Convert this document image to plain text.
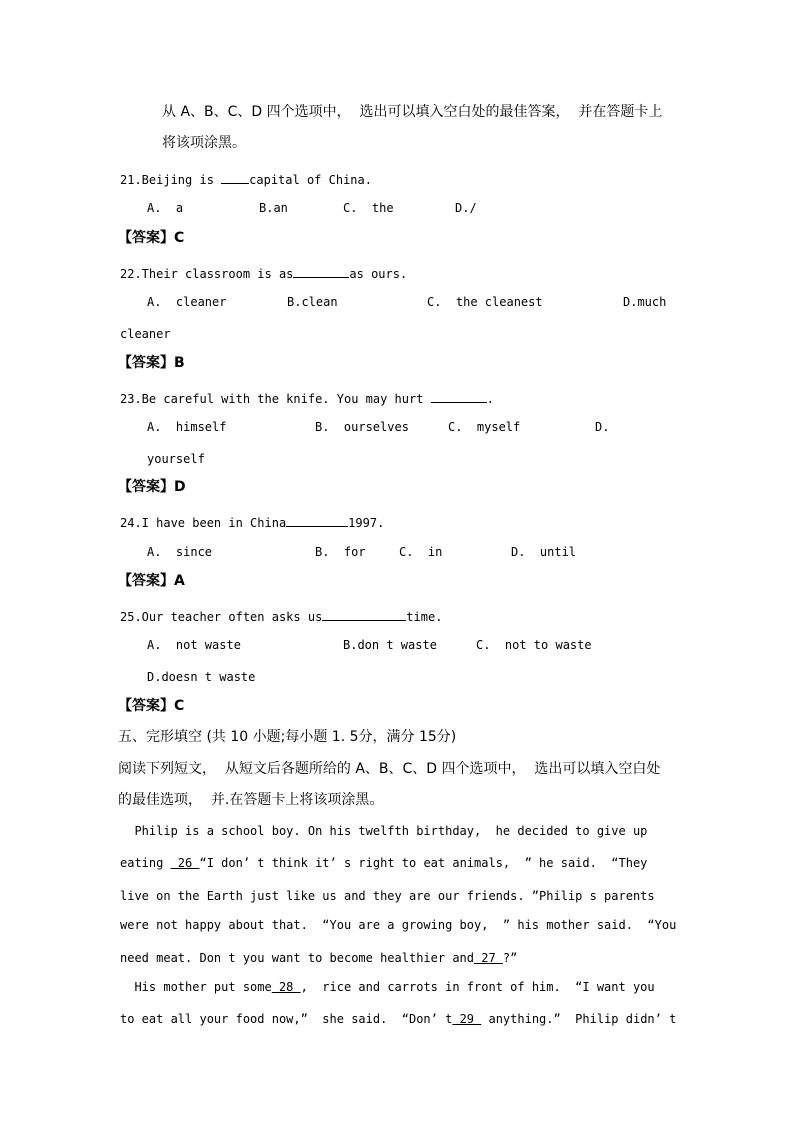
从 A、B、C、D 四个选项中，  选出可以填入空白处的最佳答案，  并在答题卡上
将该项涂黑。
21.Beijing is capital of China.
A.  a	B.an	C.  the	D./
【答案】C
22.Their classroom is as	as ours.
A.  cleaner	B.clean	C.  the cleanest	D.much
cleaner
【答案】B
23.Be careful with the knife. You may hurt	.
A.  himself	B.  ourselves	C.  myself	D.
yourself
【答案】D
24.I have been in China	1997.
A.  since	B.  for	C.  in	D.  until
【答案】A
25.Our teacher often asks us	time.
A.  not waste	B.don t waste	C.  not to waste
D.doesn t waste
【答案】C
五、完形填空 (共 10 小题;每小题 1. 5分，满分 15分)
阅读下列短文，  从短文后各题所给的 A、B、C、D 四个选项中，  选出可以填入空白处
的最佳选项，  并.在答题卡上将该项涂黑。
Philip is a school boy. On his twelfth birthday,  he decided to give up
eating  26 “I don’ t think it’ s right to eat animals,  ” he said.  “They
live on the Earth just like us and they are our friends. ”Philip s parents
were not happy about that.  “You are a growing boy,  ” his mother said.  “You
need meat. Don t you want to become healthier and 27 ?”
His mother put some 28 ,  rice and carrots in front of him.  “I want you
to eat all your food now,”  she said.  “Don’ t 29  anything.”  Philip didn’ t
